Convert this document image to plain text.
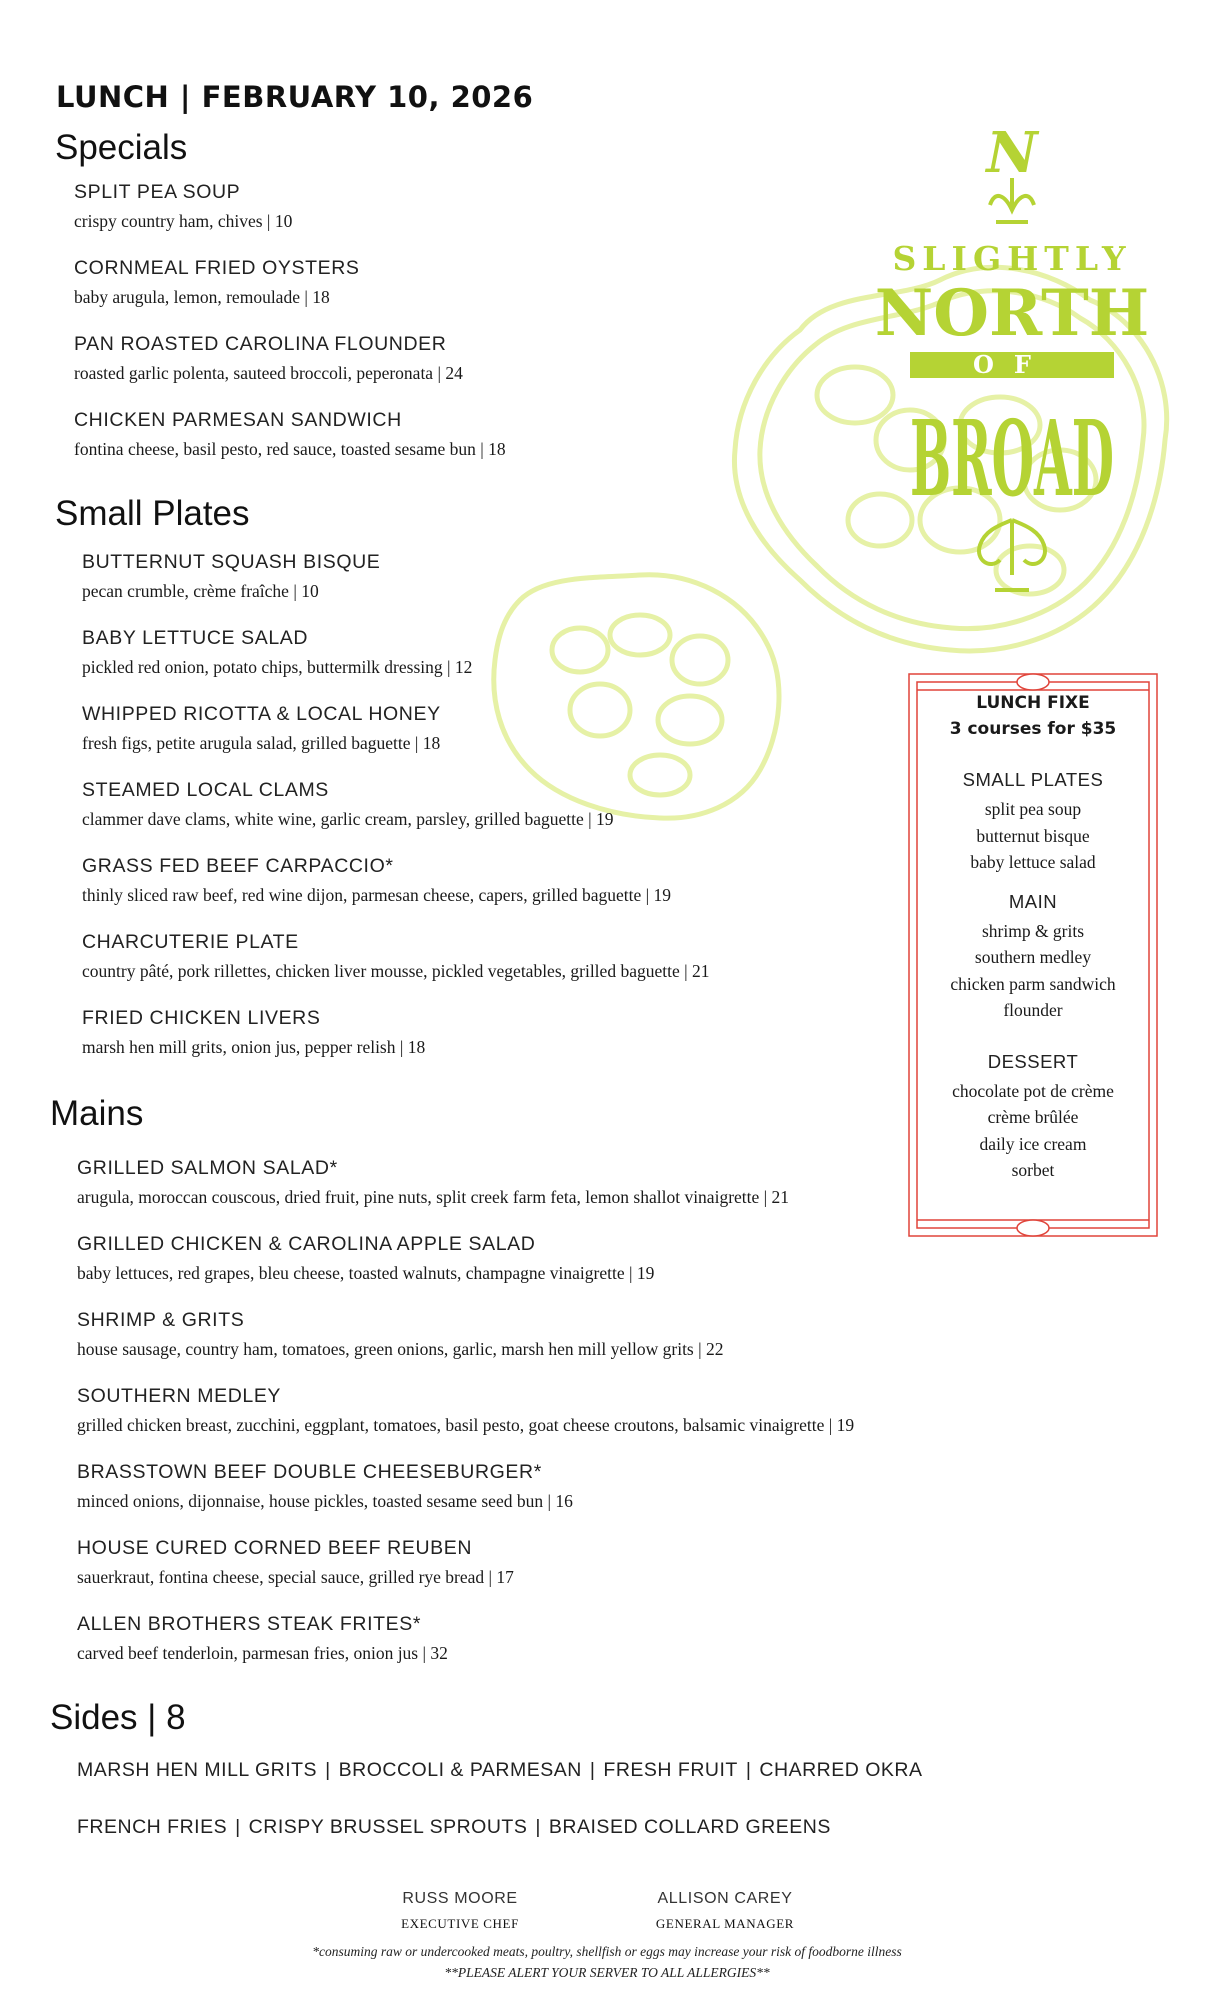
N
SLIGHTLY
NORTH
OF
BROAD
LUNCH | FEBRUARY 10, 2026
Specials
SPLIT PEA SOUP
crispy country ham, chives | 10
CORNMEAL FRIED OYSTERS
baby arugula, lemon, remoulade | 18
PAN ROASTED CAROLINA FLOUNDER
roasted garlic polenta, sauteed broccoli, peperonata | 24
CHICKEN PARMESAN SANDWICH
fontina cheese, basil pesto, red sauce, toasted sesame bun | 18
Small Plates
BUTTERNUT SQUASH BISQUE
pecan crumble, crème fraîche | 10
BABY LETTUCE SALAD
pickled red onion, potato chips, buttermilk dressing | 12
WHIPPED RICOTTA & LOCAL HONEY
fresh figs, petite arugula salad, grilled baguette | 18
STEAMED LOCAL CLAMS
clammer dave clams, white wine, garlic cream, parsley, grilled baguette | 19
GRASS FED BEEF CARPACCIO*
thinly sliced raw beef, red wine dijon, parmesan cheese, capers, grilled baguette | 19
CHARCUTERIE PLATE
country pâté, pork rillettes, chicken liver mousse, pickled vegetables, grilled baguette | 21
FRIED CHICKEN LIVERS
marsh hen mill grits, onion jus, pepper relish | 18
Mains
GRILLED SALMON SALAD*
arugula, moroccan couscous, dried fruit, pine nuts, split creek farm feta, lemon shallot vinaigrette | 21
GRILLED CHICKEN & CAROLINA APPLE SALAD
baby lettuces, red grapes, bleu cheese, toasted walnuts, champagne vinaigrette | 19
SHRIMP & GRITS
house sausage, country ham, tomatoes, green onions, garlic, marsh hen mill yellow grits | 22
SOUTHERN MEDLEY
grilled chicken breast, zucchini, eggplant, tomatoes, basil pesto, goat cheese croutons, balsamic vinaigrette | 19
BRASSTOWN BEEF DOUBLE CHEESEBURGER*
minced onions, dijonnaise, house pickles, toasted sesame seed bun | 16
HOUSE CURED CORNED BEEF REUBEN
sauerkraut, fontina cheese, special sauce, grilled rye bread | 17
ALLEN BROTHERS STEAK FRITES*
carved beef tenderloin, parmesan fries, onion jus | 32
Sides | 8
MARSH HEN MILL GRITS | BROCCOLI & PARMESAN | FRESH FRUIT | CHARRED OKRA
FRENCH FRIES | CRISPY BRUSSEL SPROUTS | BRAISED COLLARD GREENS
LUNCH FIXE
3 courses for $35
SMALL PLATES
split pea soup
butternut bisque
baby lettuce salad
MAIN
shrimp & grits
southern medley
chicken parm sandwich
flounder
DESSERT
chocolate pot de crème
crème brûlée
daily ice cream
sorbet
RUSS MOORE
EXECUTIVE CHEF
ALLISON CAREY
GENERAL MANAGER
*consuming raw or undercooked meats, poultry, shellfish or eggs may increase your risk of foodborne illness
**PLEASE ALERT YOUR SERVER TO ALL ALLERGIES**
